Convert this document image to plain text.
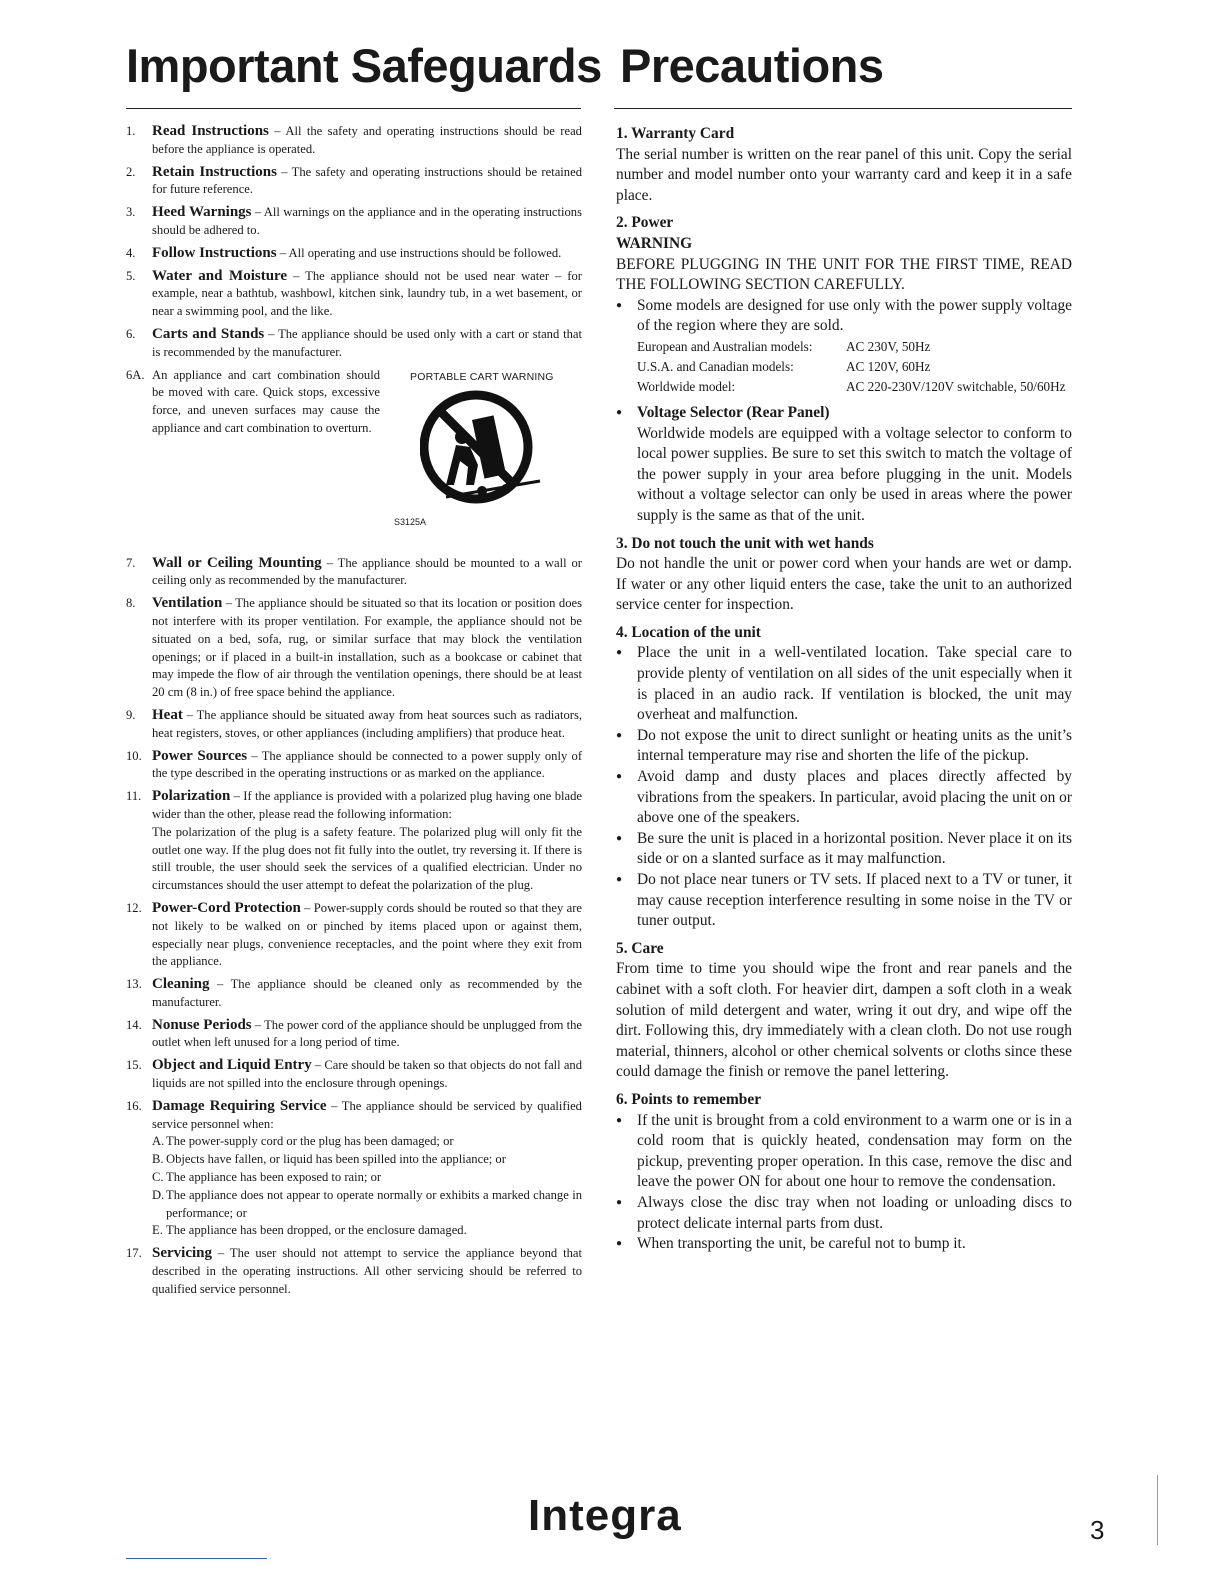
Important Safeguards Precautions
1. Read Instructions – All the safety and operating instructions should be read before the appliance is operated.

2. Retain Instructions – The safety and operating instructions should be retained for future reference.

3. Heed Warnings – All warnings on the appliance and in the operating instructions should be adhered to.

4. Follow Instructions – All operating and use instructions should be followed.

5. Water and Moisture – The appliance should not be used near water – for example, near a bathtub, washbowl, kitchen sink, laundry tub, in a wet basement, or near a swimming pool, and the like.

6. Carts and Stands – The appliance should be used only with a cart or stand that is recommended by the manufacturer.

6A. An appliance and cart combination should be moved with care. Quick stops, excessive force, and uneven surfaces may cause the appliance and cart combination to overturn.
PORTABLE CART WARNING
S3125A
7. Wall or Ceiling Mounting – The appliance should be mounted to a wall or ceiling only as recommended by the manufacturer.

8. Ventilation – The appliance should be situated so that its location or position does not interfere with its proper ventilation. For example, the appliance should not be situated on a bed, sofa, rug, or similar surface that may block the ventilation openings; or if placed in a built-in installation, such as a bookcase or cabinet that may impede the flow of air through the ventilation openings, there should be at least 20 cm (8 in.) of free space behind the appliance.

9. Heat – The appliance should be situated away from heat sources such as radiators, heat registers, stoves, or other appliances (including amplifiers) that produce heat.

10. Power Sources – The appliance should be connected to a power supply only of the type described in the operating instructions or as marked on the appliance.

11. Polarization – If the appliance is provided with a polarized plug having one blade wider than the other, please read the following information:

The polarization of the plug is a safety feature. The polarized plug will only fit the outlet one way. If the plug does not fit fully into the outlet, try reversing it. If there is still trouble, the user should seek the services of a qualified electrician. Under no circumstances should the user attempt to defeat the polarization of the plug.

12. Power-Cord Protection – Power-supply cords should be routed so that they are not likely to be walked on or pinched by items placed upon or against them, especially near plugs, convenience receptacles, and the point where they exit from the appliance.

13. Cleaning – The appliance should be cleaned only as recommended by the manufacturer.

14. Nonuse Periods – The power cord of the appliance should be unplugged from the outlet when left unused for a long period of time.

15. Object and Liquid Entry – Care should be taken so that objects do not fall and liquids are not spilled into the enclosure through openings.

16. Damage Requiring Service – The appliance should be serviced by qualified service personnel when:

A. The power-supply cord or the plug has been damaged; or
B. Objects have fallen, or liquid has been spilled into the appliance; or
C. The appliance has been exposed to rain; or
D. The appliance does not appear to operate normally or exhibits a marked change in performance; or
E. The appliance has been dropped, or the enclosure damaged.
17. Servicing – The user should not attempt to service the appliance beyond that described in the operating instructions. All other servicing should be referred to qualified service personnel.

1. Warranty Card

The serial number is written on the rear panel of this unit. Copy the serial number and model number onto your warranty card and keep it in a safe place.

2. Power
WARNING

BEFORE PLUGGING IN THE UNIT FOR THE FIRST TIME, READ THE FOLLOWING SECTION CAREFULLY.

● Some models are designed for use only with the power supply voltage of the region where they are sold.
European and Australian models:	AC 230V, 50Hz
U.S.A. and Canadian models:	AC 120V, 60Hz
Worldwide model:	AC 220-230V/120V switchable, 50/60Hz
● Voltage Selector (Rear Panel)
Worldwide models are equipped with a voltage selector to conform to local power supplies. Be sure to set this switch to match the voltage of the power supply in your area before plugging in the unit. Models without a voltage selector can only be used in areas where the power supply is the same as that of the unit.
3. Do not touch the unit with wet hands

Do not handle the unit or power cord when your hands are wet or damp. If water or any other liquid enters the case, take the unit to an authorized service center for inspection.

4. Location of the unit
● Place the unit in a well-ventilated location. Take special care to provide plenty of ventilation on all sides of the unit especially when it is placed in an audio rack. If ventilation is blocked, the unit may overheat and malfunction.
● Do not expose the unit to direct sunlight or heating units as the unit’s internal temperature may rise and shorten the life of the pickup.
● Avoid damp and dusty places and places directly affected by vibrations from the speakers. In particular, avoid placing the unit on or above one of the speakers.
● Be sure the unit is placed in a horizontal position. Never place it on its side or on a slanted surface as it may malfunction.
● Do not place near tuners or TV sets. If placed next to a TV or tuner, it may cause reception interference resulting in some noise in the TV or tuner output.
5. Care

From time to time you should wipe the front and rear panels and the cabinet with a soft cloth. For heavier dirt, dampen a soft cloth in a weak solution of mild detergent and water, wring it out dry, and wipe off the dirt. Following this, dry immediately with a clean cloth. Do not use rough material, thinners, alcohol or other chemical solvents or cloths since these could damage the finish or remove the panel lettering.

6. Points to remember
● If the unit is brought from a cold environment to a warm one or is in a cold room that is quickly heated, condensation may form on the pickup, preventing proper operation. In this case, remove the disc and leave the power ON for about one hour to remove the condensation.
● Always close the disc tray when not loading or unloading discs to protect delicate internal parts from dust.
● When transporting the unit, be careful not to bump it.
Integra	3
